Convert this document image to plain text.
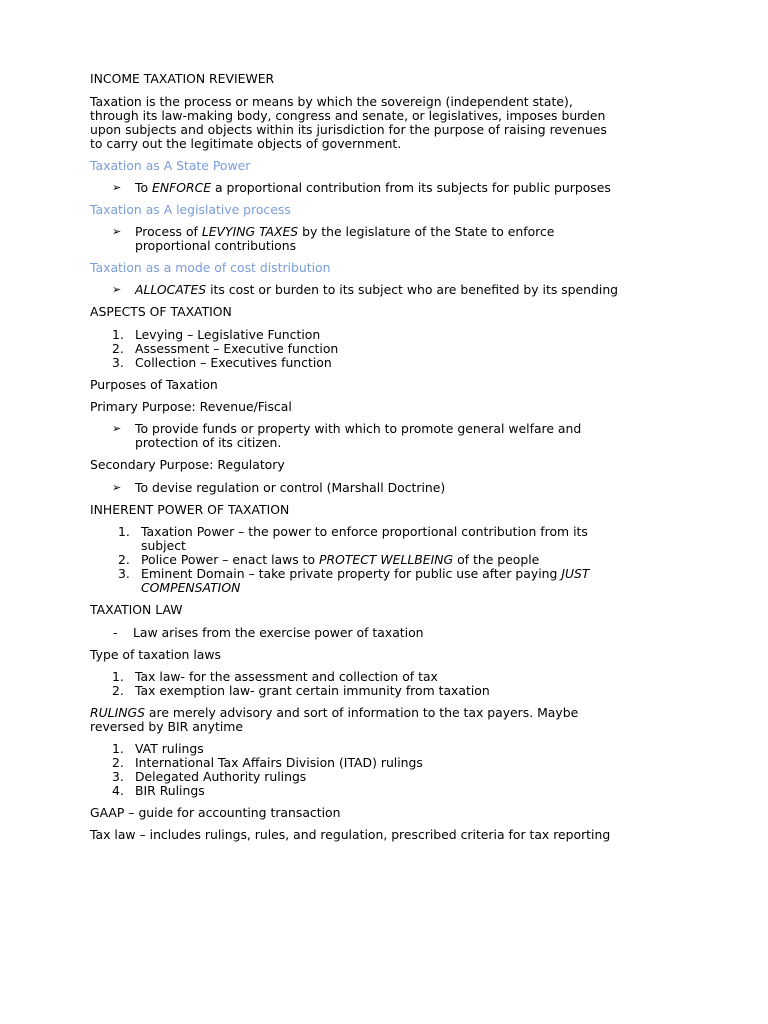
INCOME TAXATION REVIEWER
Taxation is the process or means by which the sovereign (independent state),
through its law-making body, congress and senate, or legislatives, imposes burden
upon subjects and objects within its jurisdiction for the purpose of raising revenues
to carry out the legitimate objects of government.
Taxation as A State Power
➢ To ENFORCE a proportional contribution from its subjects for public purposes
Taxation as A legislative process
➢ Process of LEVYING TAXES by the legislature of the State to enforce
proportional contributions
Taxation as a mode of cost distribution
➢ ALLOCATES its cost or burden to its subject who are benefited by its spending
ASPECTS OF TAXATION
1. Levying – Legislative Function
2. Assessment – Executive function
3. Collection – Executives function
Purposes of Taxation
Primary Purpose: Revenue/Fiscal
➢ To provide funds or property with which to promote general welfare and
protection of its citizen.
Secondary Purpose: Regulatory
➢ To devise regulation or control (Marshall Doctrine)
INHERENT POWER OF TAXATION
1. Taxation Power – the power to enforce proportional contribution from its
subject
2. Police Power – enact laws to PROTECT WELLBEING of the people
3. Eminent Domain – take private property for public use after paying JUST
COMPENSATION
TAXATION LAW
- Law arises from the exercise power of taxation
Type of taxation laws
1. Tax law- for the assessment and collection of tax
2. Tax exemption law- grant certain immunity from taxation
RULINGS are merely advisory and sort of information to the tax payers. Maybe
reversed by BIR anytime
1. VAT rulings
2. International Tax Affairs Division (ITAD) rulings
3. Delegated Authority rulings
4. BIR Rulings
GAAP – guide for accounting transaction
Tax law – includes rulings, rules, and regulation, prescribed criteria for tax reporting
